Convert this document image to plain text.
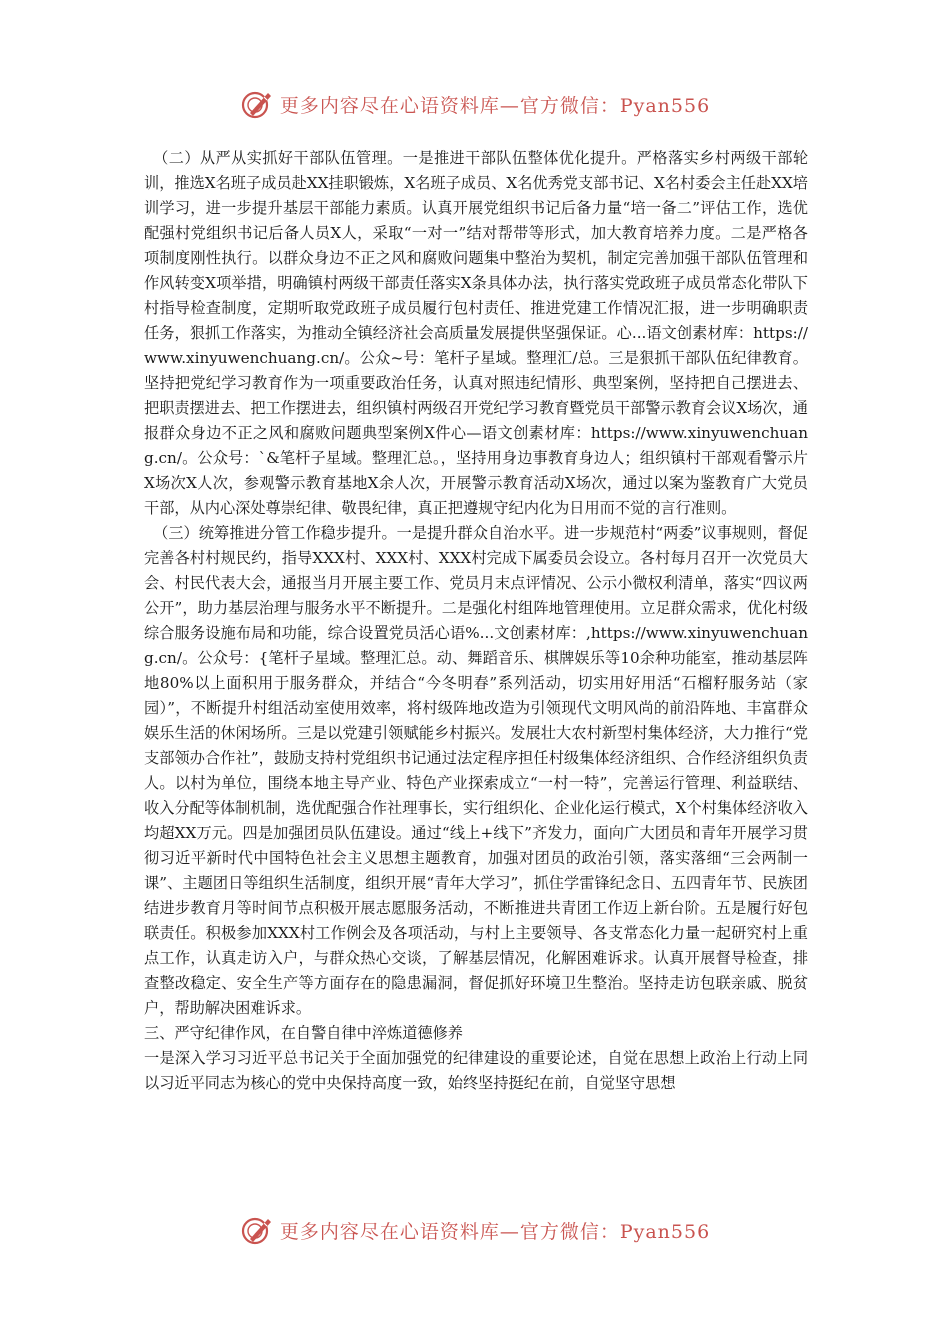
更多内容尽在心语资料库—官方微信：Pyan556

（二）从严从实抓好干部队伍管理。一是推进干部队伍整体优化提升。严格落实乡村两级干部轮训，推选X名班子成员赴XX挂职锻炼，X名班子成员、X名优秀党支部书记、X名村委会主任赴XX培训学习，进一步提升基层干部能力素质。认真开展党组织书记后备力量“培一备二”评估工作，选优配强村党组织书记后备人员X人，采取“一对一”结对帮带等形式，加大教育培养力度。二是严格各项制度刚性执行。以群众身边不正之风和腐败问题集中整治为契机，制定完善加强干部队伍管理和作风转变X项举措，明确镇村两级干部责任落实X条具体办法，执行落实党政班子成员常态化带队下村指导检查制度，定期听取党政班子成员履行包村责任、推进党建工作情况汇报，进一步明确职责任务，狠抓工作落实，为推动全镇经济社会高质量发展提供坚强保证。心...语文创素材库：https://www.xinyuwenchuang.cn/。公众~号：笔杆子星域。整理汇/总。三是狠抓干部队伍纪律教育。坚持把党纪学习教育作为一项重要政治任务，认真对照违纪情形、典型案例，坚持把自己摆进去、把职责摆进去、把工作摆进去，组织镇村两级召开党纪学习教育暨党员干部警示教育会议X场次，通报群众身边不正之风和腐败问题典型案例X件心—语文创素材库：https://www.xinyuwenchuang.cn/。公众号：`&笔杆子星域。整理汇总。，坚持用身边事教育身边人；组织镇村干部观看警示片X场次X人次，参观警示教育基地X余人次，开展警示教育活动X场次，通过以案为鉴教育广大党员干部，从内心深处尊崇纪律、敬畏纪律，真正把遵规守纪内化为日用而不觉的言行准则。

（三）统筹推进分管工作稳步提升。一是提升群众自治水平。进一步规范村“两委”议事规则，督促完善各村村规民约，指导XXX村、XXX村、XXX村完成下属委员会设立。各村每月召开一次党员大会、村民代表大会，通报当月开展主要工作、党员月末点评情况、公示小微权利清单，落实“四议两公开”，助力基层治理与服务水平不断提升。二是强化村组阵地管理使用。立足群众需求，优化村级综合服务设施布局和功能，综合设置党员活心语%...文创素材库：,https://www.xinyuwenchuang.cn/。公众号：{笔杆子星域。整理汇总。动、舞蹈音乐、棋牌娱乐等10余种功能室，推动基层阵地80%以上面积用于服务群众，并结合“今冬明春”系列活动，切实用好用活“石榴籽服务站（家园）”，不断提升村组活动室使用效率，将村级阵地改造为引领现代文明风尚的前沿阵地、丰富群众娱乐生活的休闲场所。三是以党建引领赋能乡村振兴。发展壮大农村新型村集体经济，大力推行“党支部领办合作社”，鼓励支持村党组织书记通过法定程序担任村级集体经济组织、合作经济组织负责人。以村为单位，围绕本地主导产业、特色产业探索成立“一村一特”，完善运行管理、利益联结、收入分配等体制机制，选优配强合作社理事长，实行组织化、企业化运行模式，X个村集体经济收入均超XX万元。四是加强团员队伍建设。通过“线上+线下”齐发力，面向广大团员和青年开展学习贯彻习近平新时代中国特色社会主义思想主题教育，加强对团员的政治引领，落实落细“三会两制一课”、主题团日等组织生活制度，组织开展“青年大学习”，抓住学雷锋纪念日、五四青年节、民族团结进步教育月等时间节点积极开展志愿服务活动，不断推进共青团工作迈上新台阶。五是履行好包联责任。积极参加XXX村工作例会及各项活动，与村上主要领导、各支常态化力量一起研究村上重点工作，认真走访入户，与群众热心交谈，了解基层情况，化解困难诉求。认真开展督导检查，排查整改稳定、安全生产等方面存在的隐患漏洞，督促抓好环境卫生整治。坚持走访包联亲戚、脱贫户，帮助解决困难诉求。

三、严守纪律作风，在自警自律中淬炼道德修养

一是深入学习习近平总书记关于全面加强党的纪律建设的重要论述，自觉在思想上政治上行动上同以习近平同志为核心的党中央保持高度一致，始终坚持挺纪在前，自觉坚守思想

更多内容尽在心语资料库—官方微信：Pyan556
